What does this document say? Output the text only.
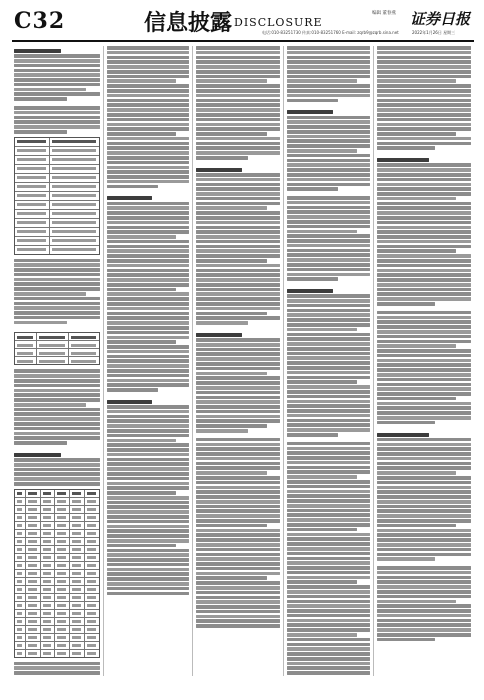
C32	信息披露 DISCLOSURE
编辑 董春燕
电话:010-83251730 传真:010-83251760 E-mail: zqrb9@zqrb.sina.net
证券日报
2022年1月26日 星期三
